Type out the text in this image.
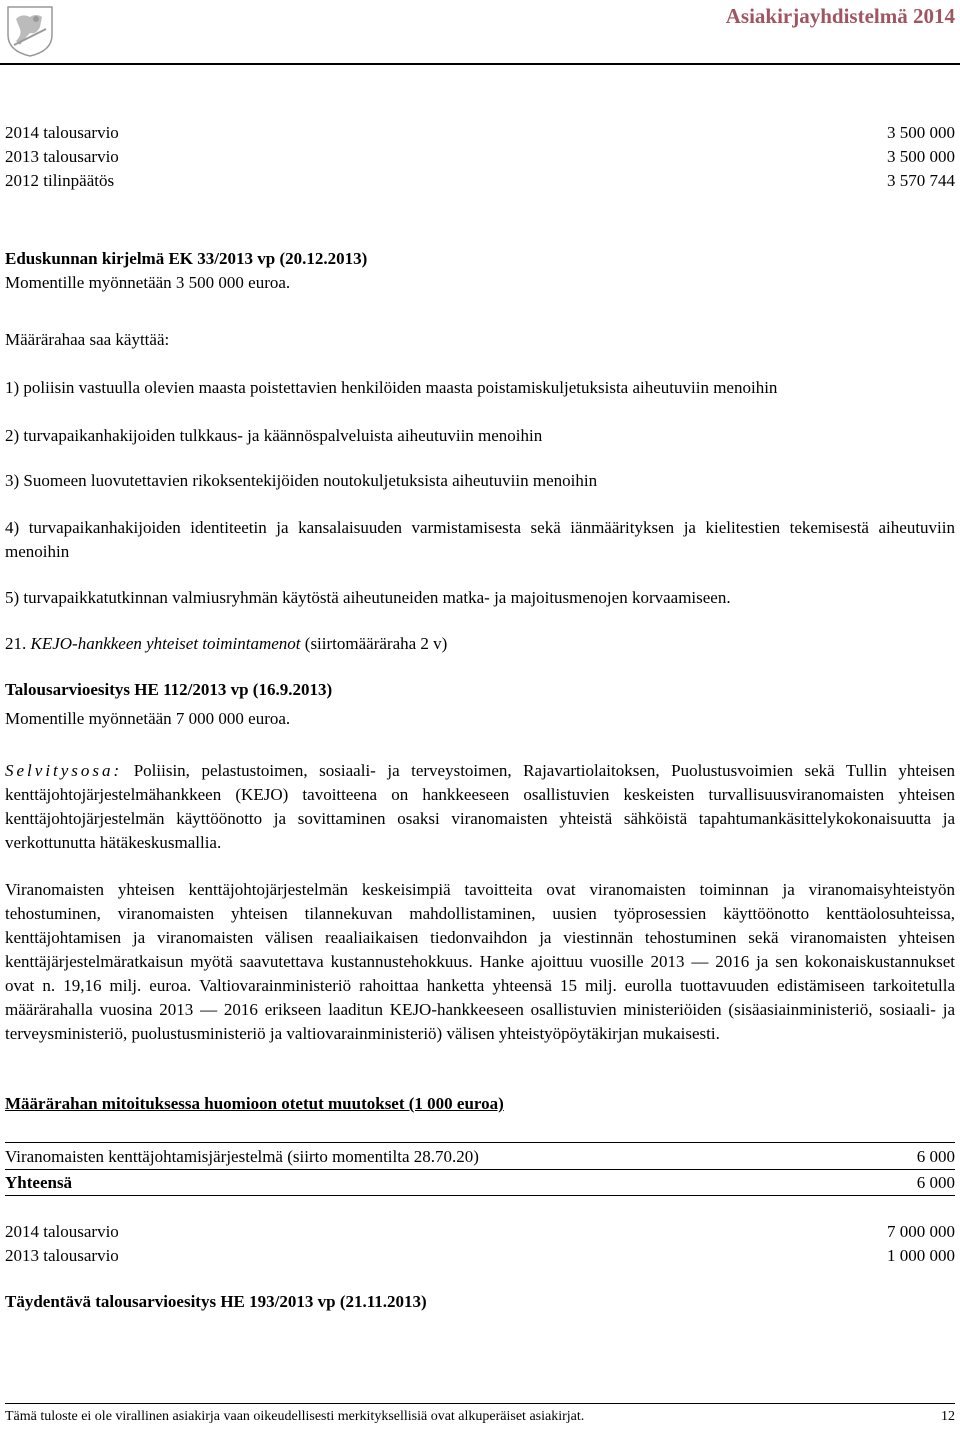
Asiakirjayhdistelmä 2014
2014 talousarvio	3 500 000
2013 talousarvio	3 500 000
2012 tilinpäätös	3 570 744
Eduskunnan kirjelmä EK 33/2013 vp (20.12.2013)
Momentille myönnetään 3 500 000 euroa.
Määrärahaa saa käyttää:
1) poliisin vastuulla olevien maasta poistettavien henkilöiden maasta poistamiskuljetuksista aiheutuviin menoihin
2) turvapaikanhakijoiden tulkkaus- ja käännöspalveluista aiheutuviin menoihin
3) Suomeen luovutettavien rikoksentekijöiden noutokuljetuksista aiheutuviin menoihin
4) turvapaikanhakijoiden identiteetin ja kansalaisuuden varmistamisesta sekä iänmäärityksen ja kielitestien tekemisestä aiheutuviin menoihin
5) turvapaikkatutkinnan valmiusryhmän käytöstä aiheutuneiden matka- ja majoitusmenojen korvaamiseen.
21. KEJO-hankkeen yhteiset toimintamenot (siirtomääräraha 2 v)
Talousarvioesitys HE 112/2013 vp (16.9.2013)
Momentille myönnetään 7 000 000 euroa.
Selvitysosa: Poliisin, pelastustoimen, sosiaali- ja terveystoimen, Rajavartiolaitoksen, Puolustusvoimien sekä Tullin yhteisen kenttäjohtojärjestelmähankkeen (KEJO) tavoitteena on hankkeeseen osallistuvien keskeisten turvallisuusviranomaisten yhteisen kenttäjohtojärjestelmän käyttöönotto ja sovittaminen osaksi viranomaisten yhteistä sähköistä tapahtumankäsittelykokonaisuutta ja verkottunutta hätäkeskusmallia.
Viranomaisten yhteisen kenttäjohtojärjestelmän keskeisimpiä tavoitteita ovat viranomaisten toiminnan ja viranomaisyhteistyön tehostuminen, viranomaisten yhteisen tilannekuvan mahdollistaminen, uusien työprosessien käyttöönotto kenttäolosuhteissa, kenttäjohtamisen ja viranomaisten välisen reaaliaikaisen tiedonvaihdon ja viestinnän tehostuminen sekä viranomaisten yhteisen kenttäjärjestelmäratkaisun myötä saavutettava kustannustehokkuus. Hanke ajoittuu vuosille 2013 — 2016 ja sen kokonaiskustannukset ovat n. 19,16 milj. euroa. Valtiovarainministeriö rahoittaa hanketta yhteensä 15 milj. eurolla tuottavuuden edistämiseen tarkoitetulla määrärahalla vuosina 2013 — 2016 erikseen laaditun KEJO-hankkeeseen osallistuvien ministeriöiden (sisäasiainministeriö, sosiaali- ja terveysministeriö, puolustusministeriö ja valtiovarainministeriö) välisen yhteistyöpöytäkirjan mukaisesti.
Määrärahan mitoituksessa huomioon otetut muutokset (1 000 euroa)
Viranomaisten kenttäjohtamisjärjestelmä (siirto momentilta 28.70.20)	6 000
Yhteensä	6 000
2014 talousarvio	7 000 000
2013 talousarvio	1 000 000
Täydentävä talousarvioesitys HE 193/2013 vp (21.11.2013)
Tämä tuloste ei ole virallinen asiakirja vaan oikeudellisesti merkityksellisiä ovat alkuperäiset asiakirjat.	12
